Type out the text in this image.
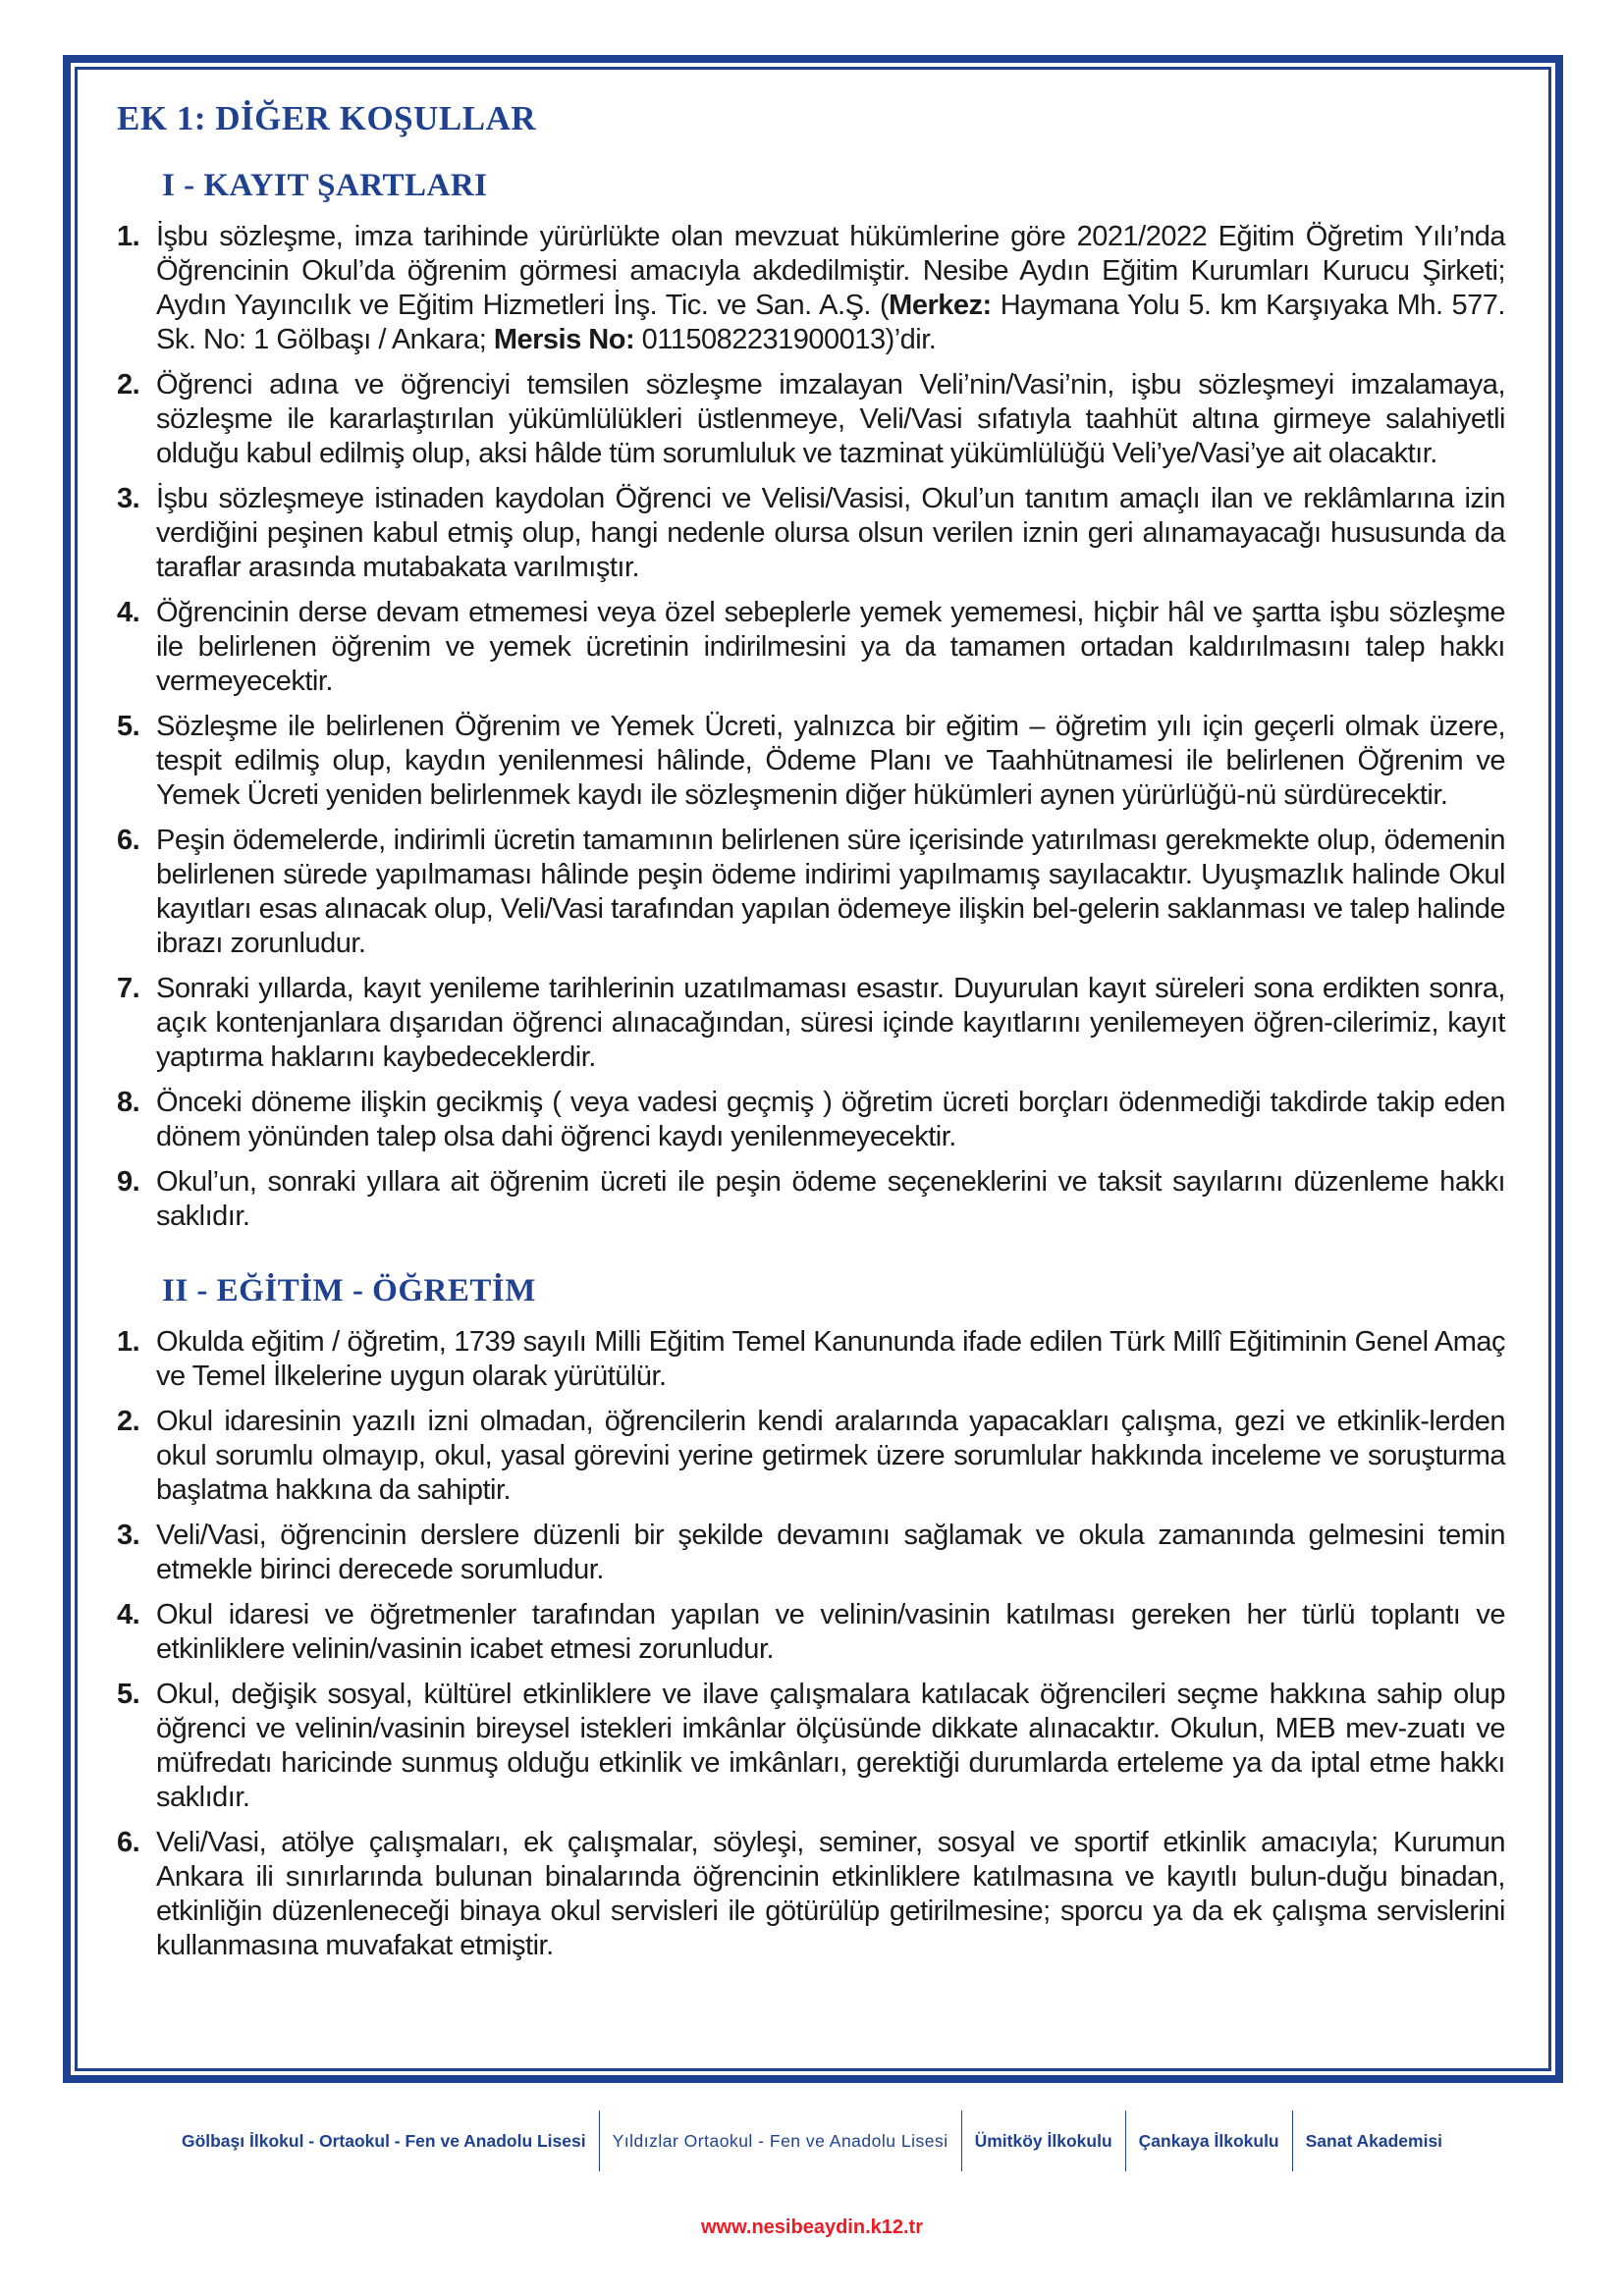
EK 1: DİĞER KOŞULLAR
I - KAYIT ŞARTLARI
1. İşbu sözleşme, imza tarihinde yürürlükte olan mevzuat hükümlerine göre 2021/2022 Eğitim Öğretim Yılı’nda Öğrencinin Okul’da öğrenim görmesi amacıyla akdedilmiştir. Nesibe Aydın Eğitim Kurumları Kurucu Şirketi; Aydın Yayıncılık ve Eğitim Hizmetleri İnş. Tic. ve San. A.Ş. (Merkez: Haymana Yolu 5. km Karşıyaka Mh. 577. Sk. No: 1 Gölbaşı / Ankara; Mersis No: 0115082231900013)’dir.
2. Öğrenci adına ve öğrenciyi temsilen sözleşme imzalayan Veli’nin/Vasi’nin, işbu sözleşmeyi imzalamaya, sözleşme ile kararlaştırılan yükümlülükleri üstlenmeye, Veli/Vasi sıfatıyla taahhüt altına girmeye salahiyetli olduğu kabul edilmiş olup, aksi hâlde tüm sorumluluk ve tazminat yükümlülüğü Veli’ye/Vasi’ye ait olacaktır.
3. İşbu sözleşmeye istinaden kaydolan Öğrenci ve Velisi/Vasisi, Okul’un tanıtım amaçlı ilan ve reklâmlarına izin verdiğini peşinen kabul etmiş olup, hangi nedenle olursa olsun verilen iznin geri alınamayacağı hususunda da taraflar arasında mutabakata varılmıştır.
4. Öğrencinin derse devam etmemesi veya özel sebeplerle yemek yememesi, hiçbir hâl ve şartta işbu sözleşme ile belirlenen öğrenim ve yemek ücretinin indirilmesini ya da tamamen ortadan kaldırılmasını talep hakkı vermeyecektir.
5. Sözleşme ile belirlenen Öğrenim ve Yemek Ücreti, yalnızca bir eğitim – öğretim yılı için geçerli olmak üzere, tespit edilmiş olup, kaydın yenilenmesi hâlinde, Ödeme Planı ve Taahhütnamesi ile belirlenen Öğrenim ve Yemek Ücreti yeniden belirlenmek kaydı ile sözleşmenin diğer hükümleri aynen yürürlüğü-nü sürdürecektir.
6. Peşin ödemelerde, indirimli ücretin tamamının belirlenen süre içerisinde yatırılması gerekmekte olup, ödemenin belirlenen sürede yapılmaması hâlinde peşin ödeme indirimi yapılmamış sayılacaktır. Uyuşmazlık halinde Okul kayıtları esas alınacak olup, Veli/Vasi tarafından yapılan ödemeye ilişkin bel-gelerin saklanması ve talep halinde ibrazı zorunludur.
7. Sonraki yıllarda, kayıt yenileme tarihlerinin uzatılmaması esastır. Duyurulan kayıt süreleri sona erdikten sonra, açık kontenjanlara dışarıdan öğrenci alınacağından, süresi içinde kayıtlarını yenilemeyen öğren-cilerimiz, kayıt yaptırma haklarını kaybedeceklerdir.
8. Önceki döneme ilişkin gecikmiş ( veya vadesi geçmiş ) öğretim ücreti borçları ödenmediği takdirde takip eden dönem yönünden talep olsa dahi öğrenci kaydı yenilenmeyecektir.
9. Okul’un, sonraki yıllara ait öğrenim ücreti ile peşin ödeme seçeneklerini ve taksit sayılarını düzenleme hakkı saklıdır.
II - EĞİTİM - ÖĞRETİM
1. Okulda eğitim / öğretim, 1739 sayılı Milli Eğitim Temel Kanununda ifade edilen Türk Millî Eğitiminin Genel Amaç ve Temel İlkelerine uygun olarak yürütülür.
2. Okul idaresinin yazılı izni olmadan, öğrencilerin kendi aralarında yapacakları çalışma, gezi ve etkinlik-lerden okul sorumlu olmayıp, okul, yasal görevini yerine getirmek üzere sorumlular hakkında inceleme ve soruşturma başlatma hakkına da sahiptir.
3. Veli/Vasi, öğrencinin derslere düzenli bir şekilde devamını sağlamak ve okula zamanında gelmesini temin etmekle birinci derecede sorumludur.
4. Okul idaresi ve öğretmenler tarafından yapılan ve velinin/vasinin katılması gereken her türlü toplantı ve etkinliklere velinin/vasinin icabet etmesi zorunludur.
5. Okul, değişik sosyal, kültürel etkinliklere ve ilave çalışmalara katılacak öğrencileri seçme hakkına sahip olup öğrenci ve velinin/vasinin bireysel istekleri imkânlar ölçüsünde dikkate alınacaktır. Okulun, MEB mev-zuatı ve müfredatı haricinde sunmuş olduğu etkinlik ve imkânları, gerektiği durumlarda erteleme ya da iptal etme hakkı saklıdır.
6. Veli/Vasi, atölye çalışmaları, ek çalışmalar, söyleşi, seminer, sosyal ve sportif etkinlik amacıyla; Kurumun Ankara ili sınırlarında bulunan binalarında öğrencinin etkinliklere katılmasına ve kayıtlı bulun-duğu binadan, etkinliğin düzenleneceği binaya okul servisleri ile götürülüp getirilmesine; sporcu ya da ek çalışma servislerini kullanmasına muvafakat etmiştir.
Gölbaşı İlkokul - Ortaokul - Fen ve Anadolu Lisesi	Yıldızlar Ortaokul - Fen ve Anadolu Lisesi	Ümitköy İlkokulu	Çankaya İlkokulu	Sanat Akademisi
www.nesibeaydin.k12.tr
